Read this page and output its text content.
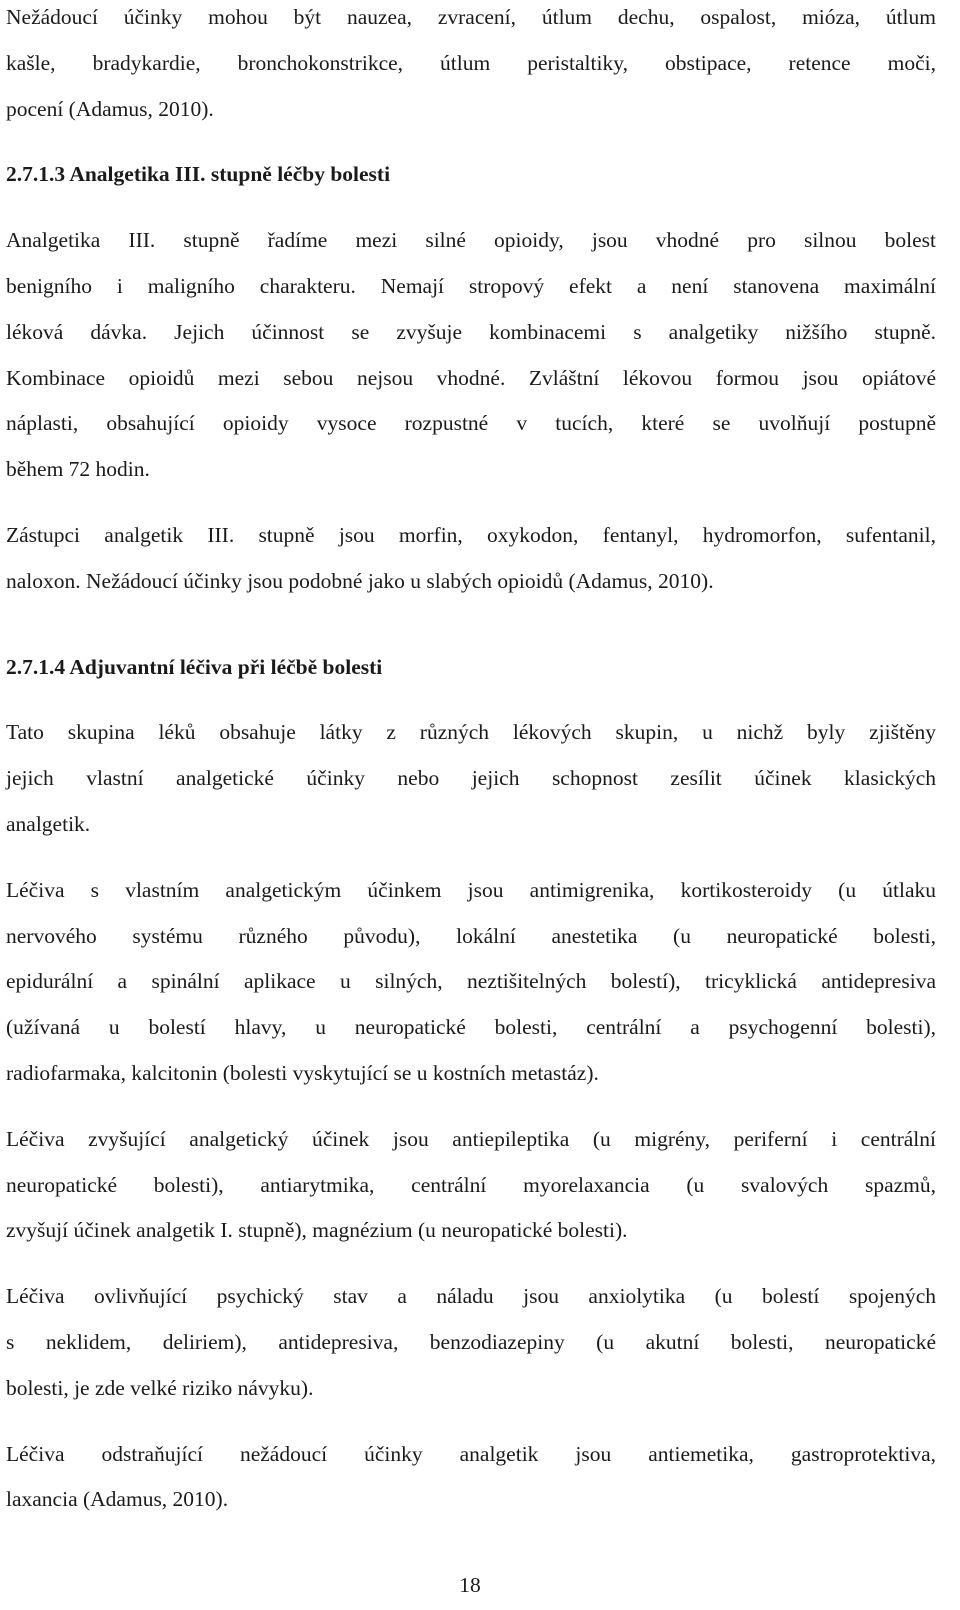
Nežádoucí účinky mohou být nauzea, zvracení, útlum dechu, ospalost, mióza, útlum
kašle, bradykardie, bronchokonstrikce, útlum peristaltiky, obstipace, retence moči,
pocení (Adamus, 2010).
2.7.1.3 Analgetika III. stupně léčby bolesti
Analgetika III. stupně řadíme mezi silné opioidy, jsou vhodné pro silnou bolest
benigního i maligního charakteru. Nemají stropový efekt a není stanovena maximální
léková dávka. Jejich účinnost se zvyšuje kombinacemi s analgetiky nižšího stupně.
Kombinace opioidů mezi sebou nejsou vhodné. Zvláštní lékovou formou jsou opiátové
náplasti, obsahující opioidy vysoce rozpustné v tucích, které se uvolňují postupně
během 72 hodin.
Zástupci analgetik III. stupně jsou morfin, oxykodon, fentanyl, hydromorfon, sufentanil,
naloxon. Nežádoucí účinky jsou podobné jako u slabých opioidů (Adamus, 2010).
2.7.1.4 Adjuvantní léčiva při léčbě bolesti
Tato skupina léků obsahuje látky z různých lékových skupin, u nichž byly zjištěny
jejich vlastní analgetické účinky nebo jejich schopnost zesílit účinek klasických
analgetik.
Léčiva s vlastním analgetickým účinkem jsou antimigrenika, kortikosteroidy (u útlaku
nervového systému různého původu), lokální anestetika (u neuropatické bolesti,
epidurální a spinální aplikace u silných, neztišitelných bolestí), tricyklická antidepresiva
(užívaná u bolestí hlavy, u neuropatické bolesti, centrální a psychogenní bolesti),
radiofarmaka, kalcitonin (bolesti vyskytující se u kostních metastáz).
Léčiva zvyšující analgetický účinek jsou antiepileptika (u migrény, periferní i centrální
neuropatické bolesti), antiarytmika, centrální myorelaxancia (u svalových spazmů,
zvyšují účinek analgetik I. stupně), magnézium (u neuropatické bolesti).
Léčiva ovlivňující psychický stav a náladu jsou anxiolytika (u bolestí spojených
s neklidem, deliriem), antidepresiva, benzodiazepiny (u akutní bolesti, neuropatické
bolesti, je zde velké riziko návyku).
Léčiva odstraňující nežádoucí účinky analgetik jsou antiemetika, gastroprotektiva,
laxancia (Adamus, 2010).
18
